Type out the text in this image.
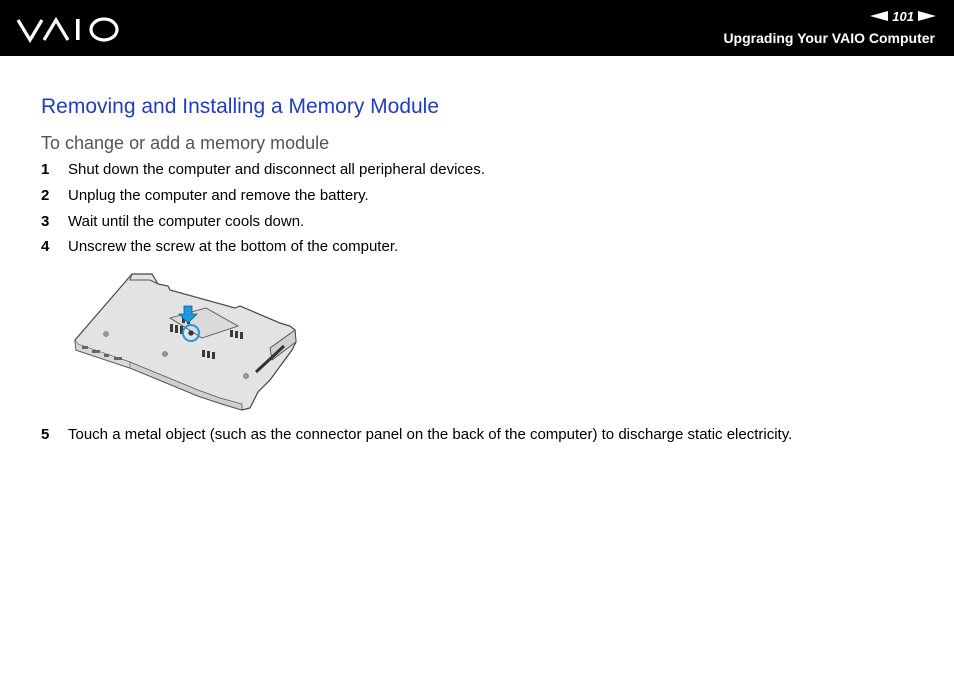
101
Upgrading Your VAIO Computer
Removing and Installing a Memory Module
To change or add a memory module
1 Shut down the computer and disconnect all peripheral devices.
2 Unplug the computer and remove the battery.
3 Wait until the computer cools down.
4 Unscrew the screw at the bottom of the computer.
5 Touch a metal object (such as the connector panel on the back of the computer) to discharge static electricity.
